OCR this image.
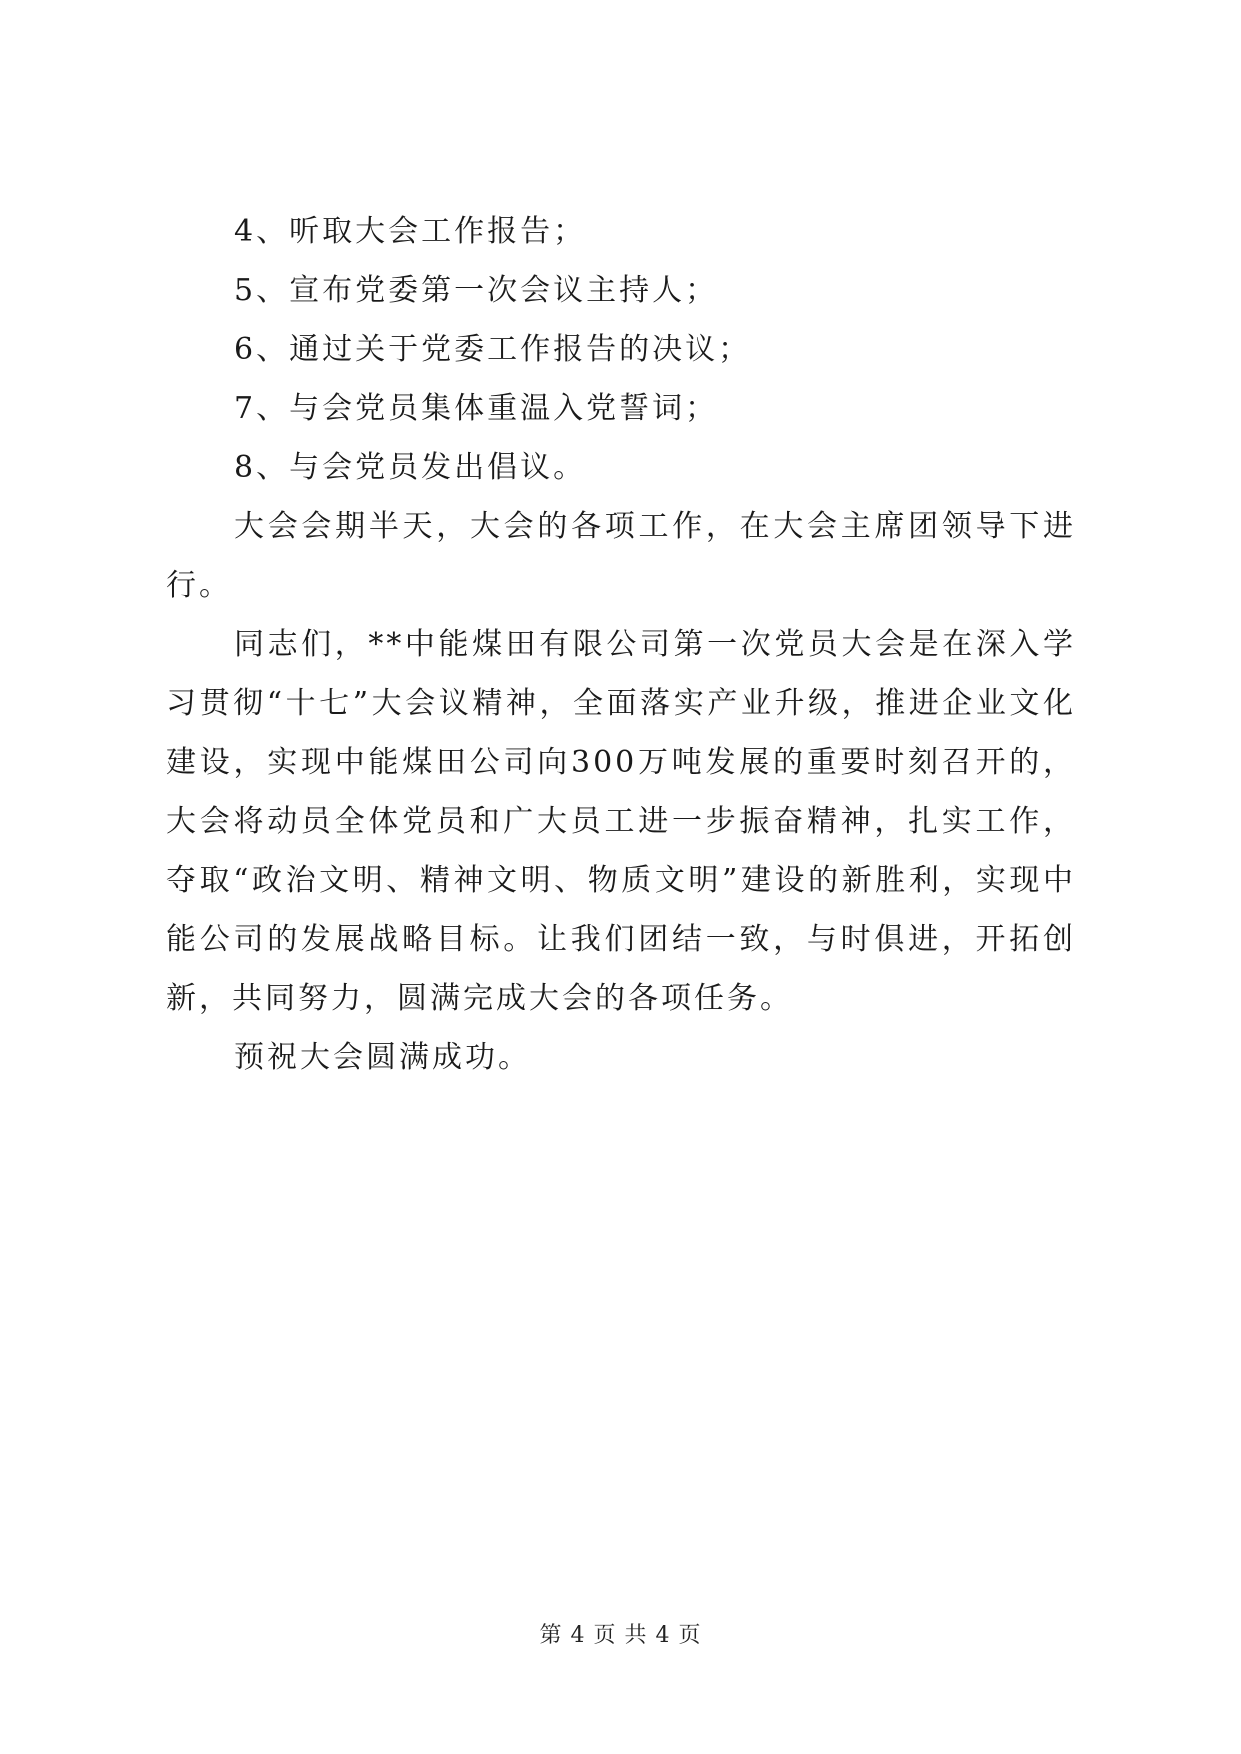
4、听取大会工作报告；

5、宣布党委第一次会议主持人；

6、通过关于党委工作报告的决议；

7、与会党员集体重温入党誓词；

8、与会党员发出倡议。

大会会期半天，大会的各项工作，在大会主席团领导下进行。

同志们，**中能煤田有限公司第一次党员大会是在深入学习贯彻“十七”大会议精神，全面落实产业升级，推进企业文化建设，实现中能煤田公司向300万吨发展的重要时刻召开的，大会将动员全体党员和广大员工进一步振奋精神，扎实工作，夺取“政治文明、精神文明、物质文明”建设的新胜利，实现中能公司的发展战略目标。让我们团结一致，与时俱进，开拓创新，共同努力，圆满完成大会的各项任务。

预祝大会圆满成功。

第 4 页 共 4 页
